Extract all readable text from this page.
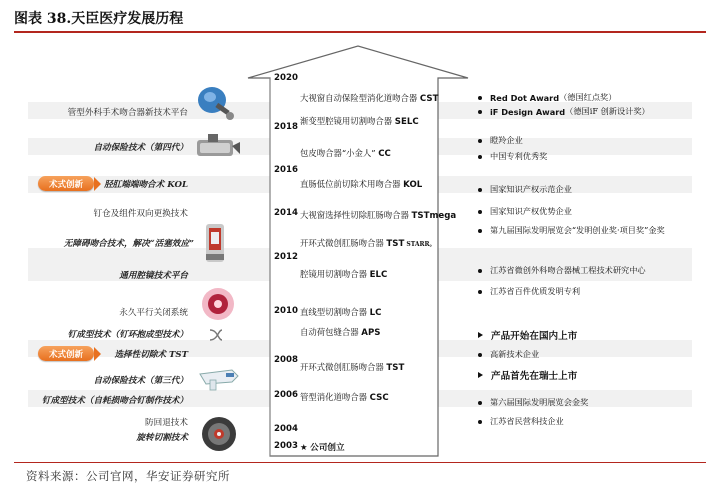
图表 38.天臣医疗发展历程
管型外科手术吻合器新技术平台
自动保险技术（第四代）
胫肛端端吻合术 KOL
术式创新
钉仓及组件双向更换技术
无障碍吻合技术，解决“活塞效应”
通用腔镜技术平台
永久平行关闭系统
钉成型技术（钉环抱成型技术）
选择性切除术 TST
术式创新
自动保险技术（第三代）
钉成型技术（自耗损吻合钉制作技术）
防回退技术
旋转切割技术
2020
2018
2016
2014
2012
2010
2008
2006
2004
2003
大视窗自动保险型消化道吻合器 CST
渐变型腔镜用切割吻合器 SELC
包皮吻合器“小金人” CC
直肠低位前切除术用吻合器 KOL
大视窗选择性切除肛肠吻合器 TSTmega
开环式微创肛肠吻合器 TST STARR。
腔镜用切割吻合器 ELC
直线型切割吻合器 LC
自动荷包缝合器 APS
开环式微创肛肠吻合器 TST
管型消化道吻合器 CSC
★ 公司创立
Red Dot Award （德国红点奖）
iF Design Award （德国iF 创新设计奖）
瞪羚企业
中国专利优秀奖
国家知识产权示范企业
国家知识产权优势企业
第九届国际发明展览会“发明创业奖·项目奖”金奖
江苏省微创外科吻合器械工程技术研究中心
江苏省百件优质发明专利
产品开始在国内上市
高新技术企业
产品首先在瑞士上市
第六届国际发明展览会金奖
江苏省民营科技企业
资料来源：公司官网，华安证券研究所
